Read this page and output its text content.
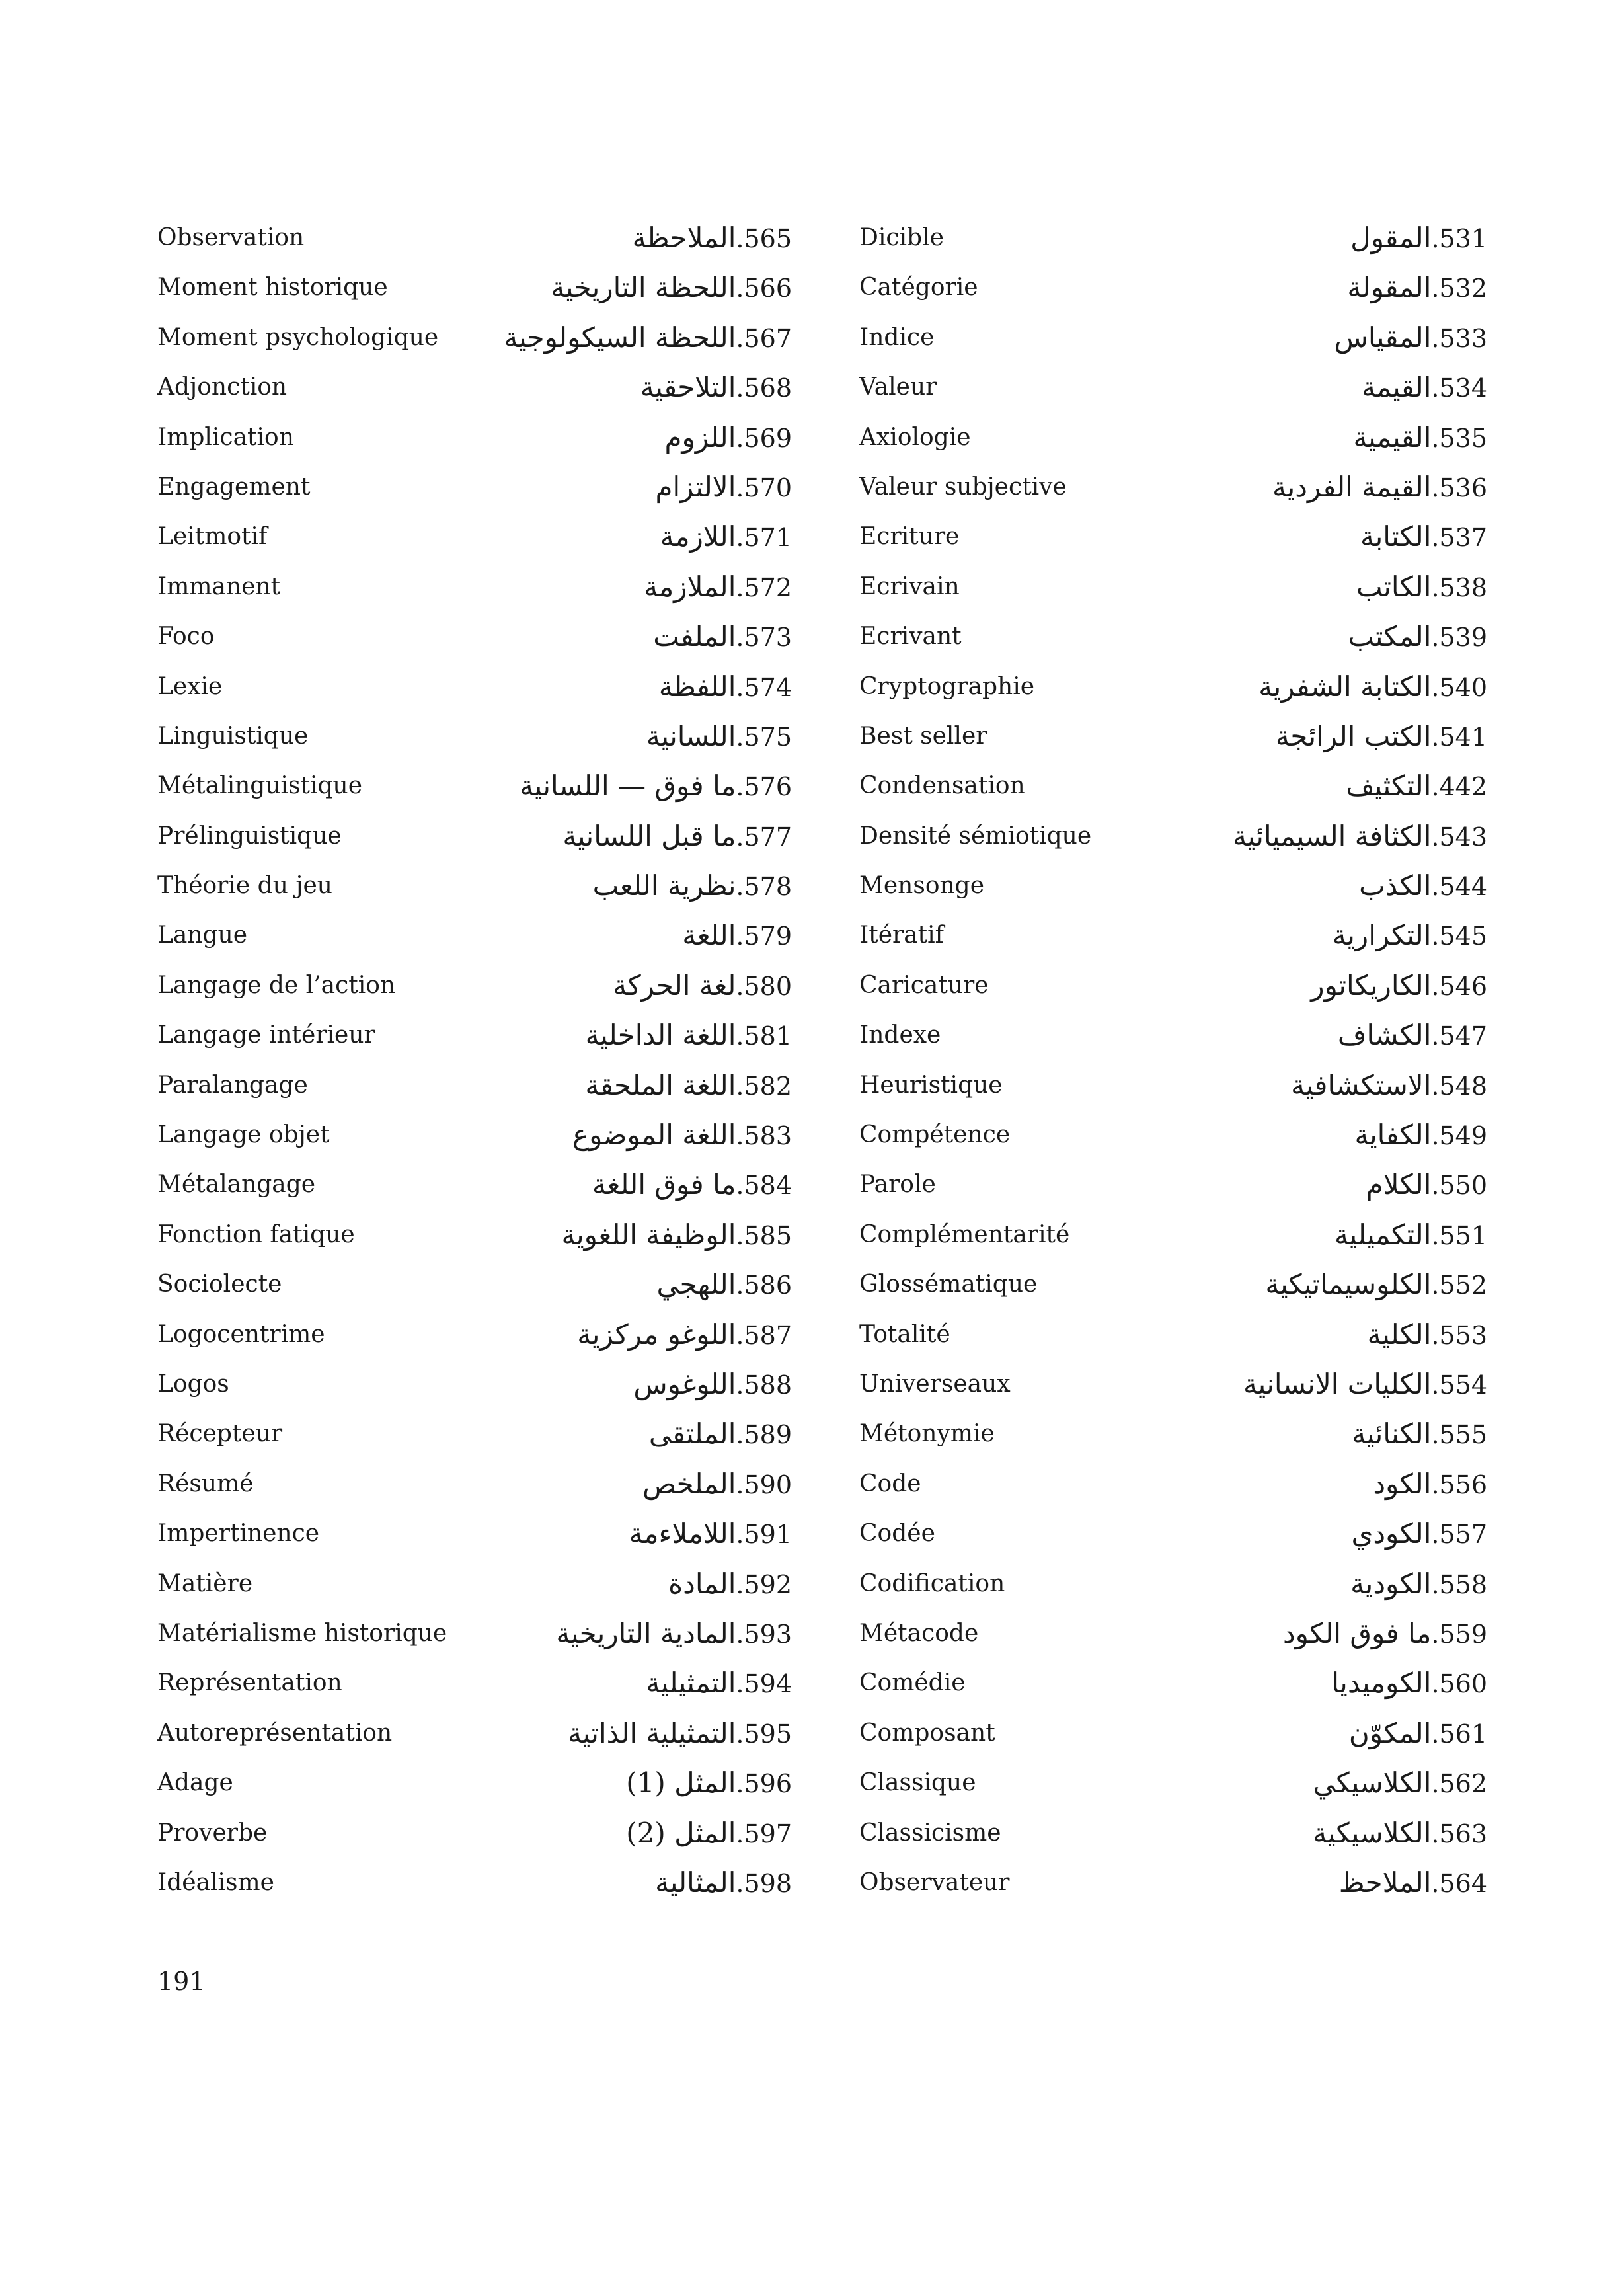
Observation	الملاحظة.565
Moment historique	اللحظة التاريخية.566
Moment psychologique اللحظة السيكولوجية.567
Adjonction	التلاحقية.568
Implication	اللزوم.569
Engagement	الالتزام.570
Leitmotif	اللازمة.571
Immanent	الملازمة.572
Foco	الملفت.573
Lexie	اللفظة.574
Linguistique	اللسانية.575
Métalinguistique	ما فوق — اللسانية.576
Prélinguistique	ما قبل اللسانية.577
Théorie du jeu	نظرية اللعب.578
Langue	اللغة.579
Langage de l’action	لغة الحركة.580
Langage intérieur	اللغة الداخلية.581
Paralangage	اللغة الملحقة.582
Langage objet	اللغة الموضوع.583
Métalangage	ما فوق اللغة.584
Fonction fatique	الوظيفة اللغوية.585
Sociolecte	اللهجي.586
Logocentrime	اللوغو مركزية.587
Logos	اللوغوس.588
Récepteur	الملتقى.589
Résumé	الملخص.590
Impertinence	اللاملاءمة.591
Matière	المادة.592
Matérialisme historique	المادية التاريخية.593
Représentation	التمثيلية.594
Autoreprésentation	التمثيلية الذاتية.595
Adage	المثل (1).596
Proverbe	المثل (2).597
Idéalisme	المثالية.598
Dicible	المقول.531
Catégorie	المقولة.532
Indice	المقياس.533
Valeur	القيمة.534
Axiologie	القيمية.535
Valeur subjective	القيمة الفردية.536
Ecriture	الكتابة.537
Ecrivain	الكاتب.538
Ecrivant	المكتب.539
Cryptographie	الكتابة الشفرية.540
Best seller	الكتب الرائجة.541
Condensation	التكثيف.442
Densité sémiotique	الكثافة السيميائية.543
Mensonge	الكذب.544
Itératif	التكرارية.545
Caricature	الكاريكاتور.546
Indexe	الكشاف.547
Heuristique	الاستكشافية.548
Compétence	الكفاية.549
Parole	الكلام.550
Complémentarité	التكميلية.551
Glossématique	الكلوسيماتيكية.552
Totalité	الكلية.553
Universeaux	الكليات الانسانية.554
Métonymie	الكنائية.555
Code	الكود.556
Codée	الكودي.557
Codification	الكودية.558
Métacode	ما فوق الكود.559
Comédie	الكوميديا.560
Composant	المكوّن.561
Classique	الكلاسيكي.562
Classicisme	الكلاسيكية.563
Observateur	الملاحظ.564
191
